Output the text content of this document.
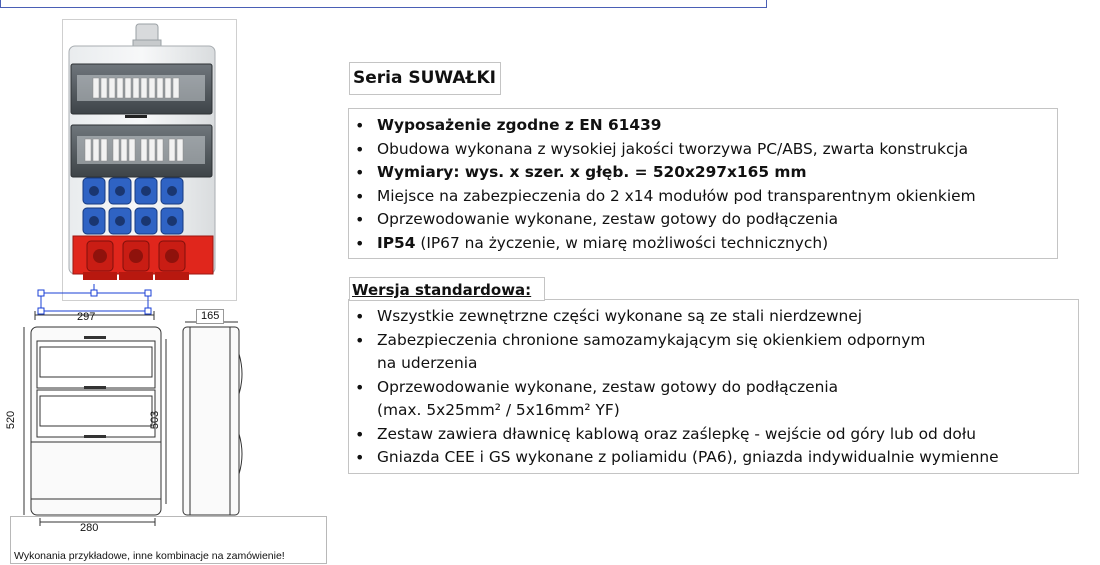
297
520	503
165
280
Wykonania przykładowe, inne kombinacje na zamówienie!
Seria SUWAŁKI
• Wyposażenie zgodne z EN 61439
• Obudowa wykonana z wysokiej jakości tworzywa PC/ABS, zwarta konstrukcja
• Wymiary: wys. x szer. x głęb. = 520x297x165 mm
• Miejsce na zabezpieczenia do 2 x14 modułów pod transparentnym okienkiem
• Oprzewodowanie wykonane, zestaw gotowy do podłączenia
• IP54 (IP67 na życzenie, w miarę możliwości technicznych)
Wersja standardowa:
• Wszystkie zewnętrzne części wykonane są ze stali nierdzewnej
• Zabezpieczenia chronione samozamykającym się okienkiem odpornym
na uderzenia
• Oprzewodowanie wykonane, zestaw gotowy do podłączenia
(max. 5x25mm² / 5x16mm² YF)
• Zestaw zawiera dławnicę kablową oraz zaślepkę - wejście od góry lub od dołu
• Gniazda CEE i GS wykonane z poliamidu (PA6), gniazda indywidualnie wymienne
